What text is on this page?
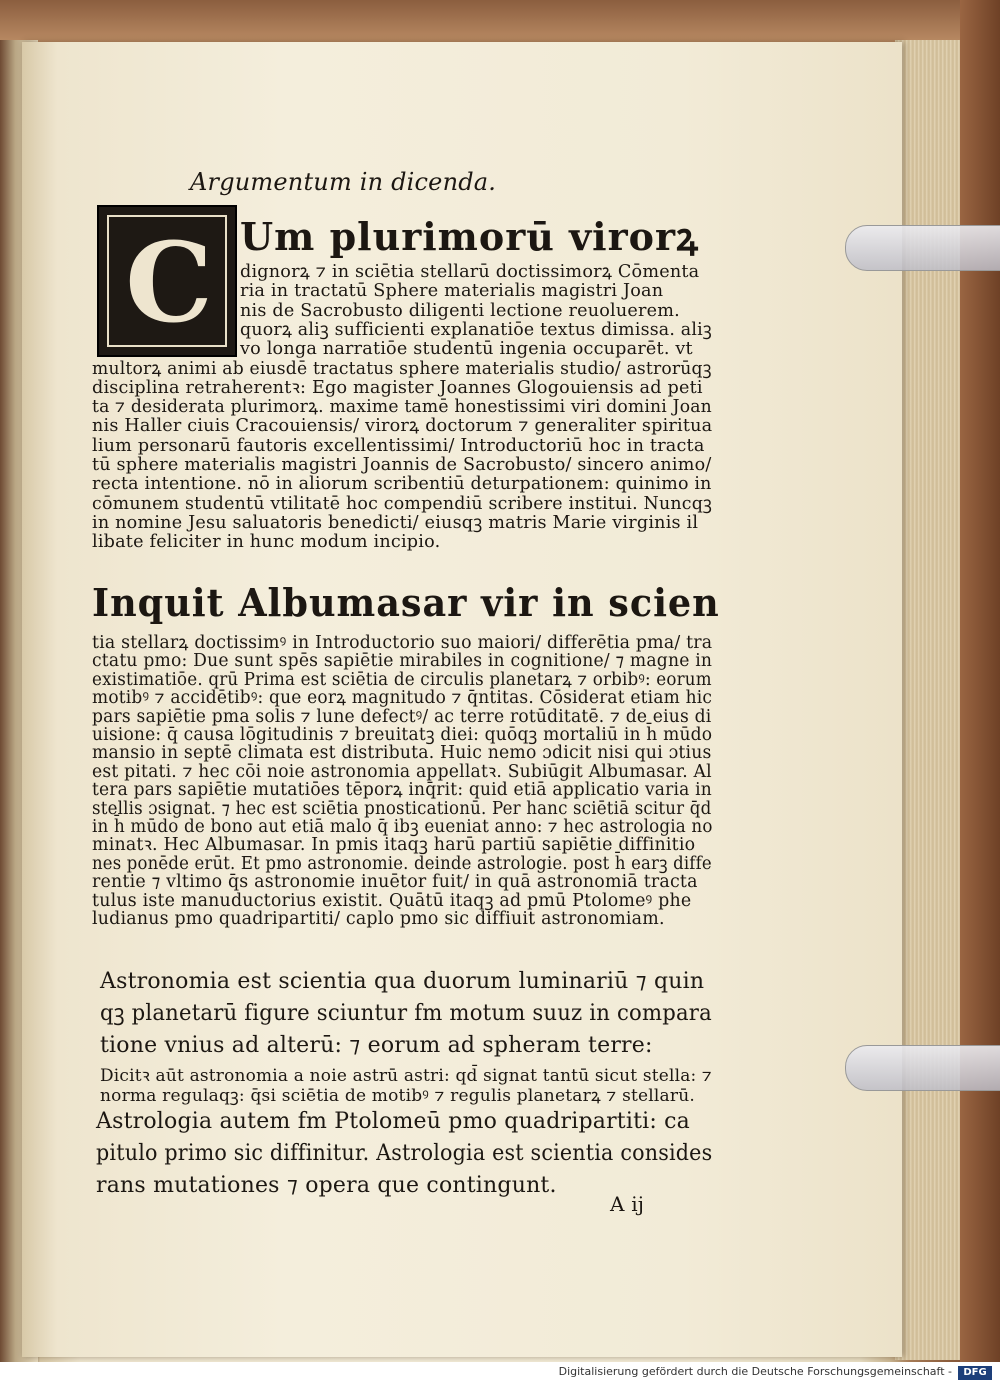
Argumentum in dicenda.
C Um plurimorū virorꝝ
dignorꝝ ⁊ in sciētia stellarū doctissimorꝝ Cōmenta
ria in tractatū Sphere materialis magistri Joan
nis de Sacrobusto diligenti lectione reuoluerem.
quorꝝ aliꝫ sufficienti explanatiōe textus dimissa. aliꝫ
vo longa narratiōe studentū ingenia occuparēt. vt
multorꝝ animi ab eiusdē tractatus sphere materialis studio/ astrorūqꝫ
disciplina retraherentꝛ: Ego magister Joannes Glogouiensis ad peti
ta ⁊ desiderata plurimorꝝ. maxime tamē honestissimi viri domini Joan
nis Haller ciuis Cracouiensis/ virorꝝ doctorum ⁊ generaliter spiritua
lium personarū fautoris excellentissimi/ Introductoriū hoc in tracta
tū sphere materialis magistri Joannis de Sacrobusto/ sincero animo/
recta intentione. nō in aliorum scribentiū deturpationem: quinimo in
cōmunem studentū vtilitatē hoc compendiū scribere institui. Nuncqꝫ
in nomine Jesu saluatoris benedicti/ eiusqꝫ matris Marie virginis il
libate feliciter in hunc modum incipio.
Inquit Albumasar vir in scien
tia stellarꝝ doctissimꝰ in Introductorio suo maiori/ differētia pma/ tra
ctatu pmo: Due sunt spēs sapiētie mirabiles in cognitione/ ⁊ magne in
existimatiōe. qrū Prima est sciētia de circulis planetarꝝ ⁊ orbibꝰ: eorum
motibꝰ ⁊ accidētibꝰ: que eorꝝ magnitudo ⁊ q̄ntitas. Cōsiderat etiam hic
pars sapiētie pma solis ⁊ lune defectꝰ/ ac terre rotūditatē. ⁊ de eius di
uisione: q̄ causa lōgitudinis ⁊ breuitatꝫ diei: quōqꝫ mortaliū in h̄ mūdo
mansio in septē climata est distributa. Huic nemo ɔdicit nisi qui ɔtius
est pitati. ⁊ hec cōi noie astronomia appellatꝛ. Subiūgit Albumasar. Al
tera pars sapiētie mutatiōes tēporꝝ inq̄rit: quid etiā applicatio varia in
stellis ɔsignat. ⁊ hec est sciētia pnosticationū. Per hanc sciētiā scitur q̄d
in h̄ mūdo de bono aut etiā malo q̄ ibꝫ eueniat anno: ⁊ hec astrologia no
minatꝛ. Hec Albumasar. In pmis itaqꝫ harū partiū sapiētie diffinitio
nes ponēde erūt. Et pmo astronomie. deinde astrologie. post h̄ earꝫ diffe
rentie ⁊ vltimo q̄s astronomie inuētor fuit/ in quā astronomiā tracta
tulus iste manuductorius existit. Quātū itaqꝫ ad pmū Ptolomeꝰ phe
ludianus pmo quadripartiti/ caplo pmo sic diffiuit astronomiam.
Astronomia est scientia qua duorum luminariū ⁊ quin
qꝫ planetarū figure sciuntur fm motum suuz in compara
tione vnius ad alterū: ⁊ eorum ad spheram terre:
Dicitꝛ aūt astronomia a noie astrū astri: qd̄ signat tantū sicut stella: ⁊
norma regulaqꝫ: q̄si sciētia de motibꝰ ⁊ regulis planetarꝝ ⁊ stellarū.
Astrologia autem fm Ptolomeū pmo quadripartiti: ca
pitulo primo sic diffinitur. Astrologia est scientia consides
rans mutationes ⁊ opera que contingunt.
A ij
Digitalisierung gefördert durch die Deutsche Forschungsgemeinschaft -	DFG
